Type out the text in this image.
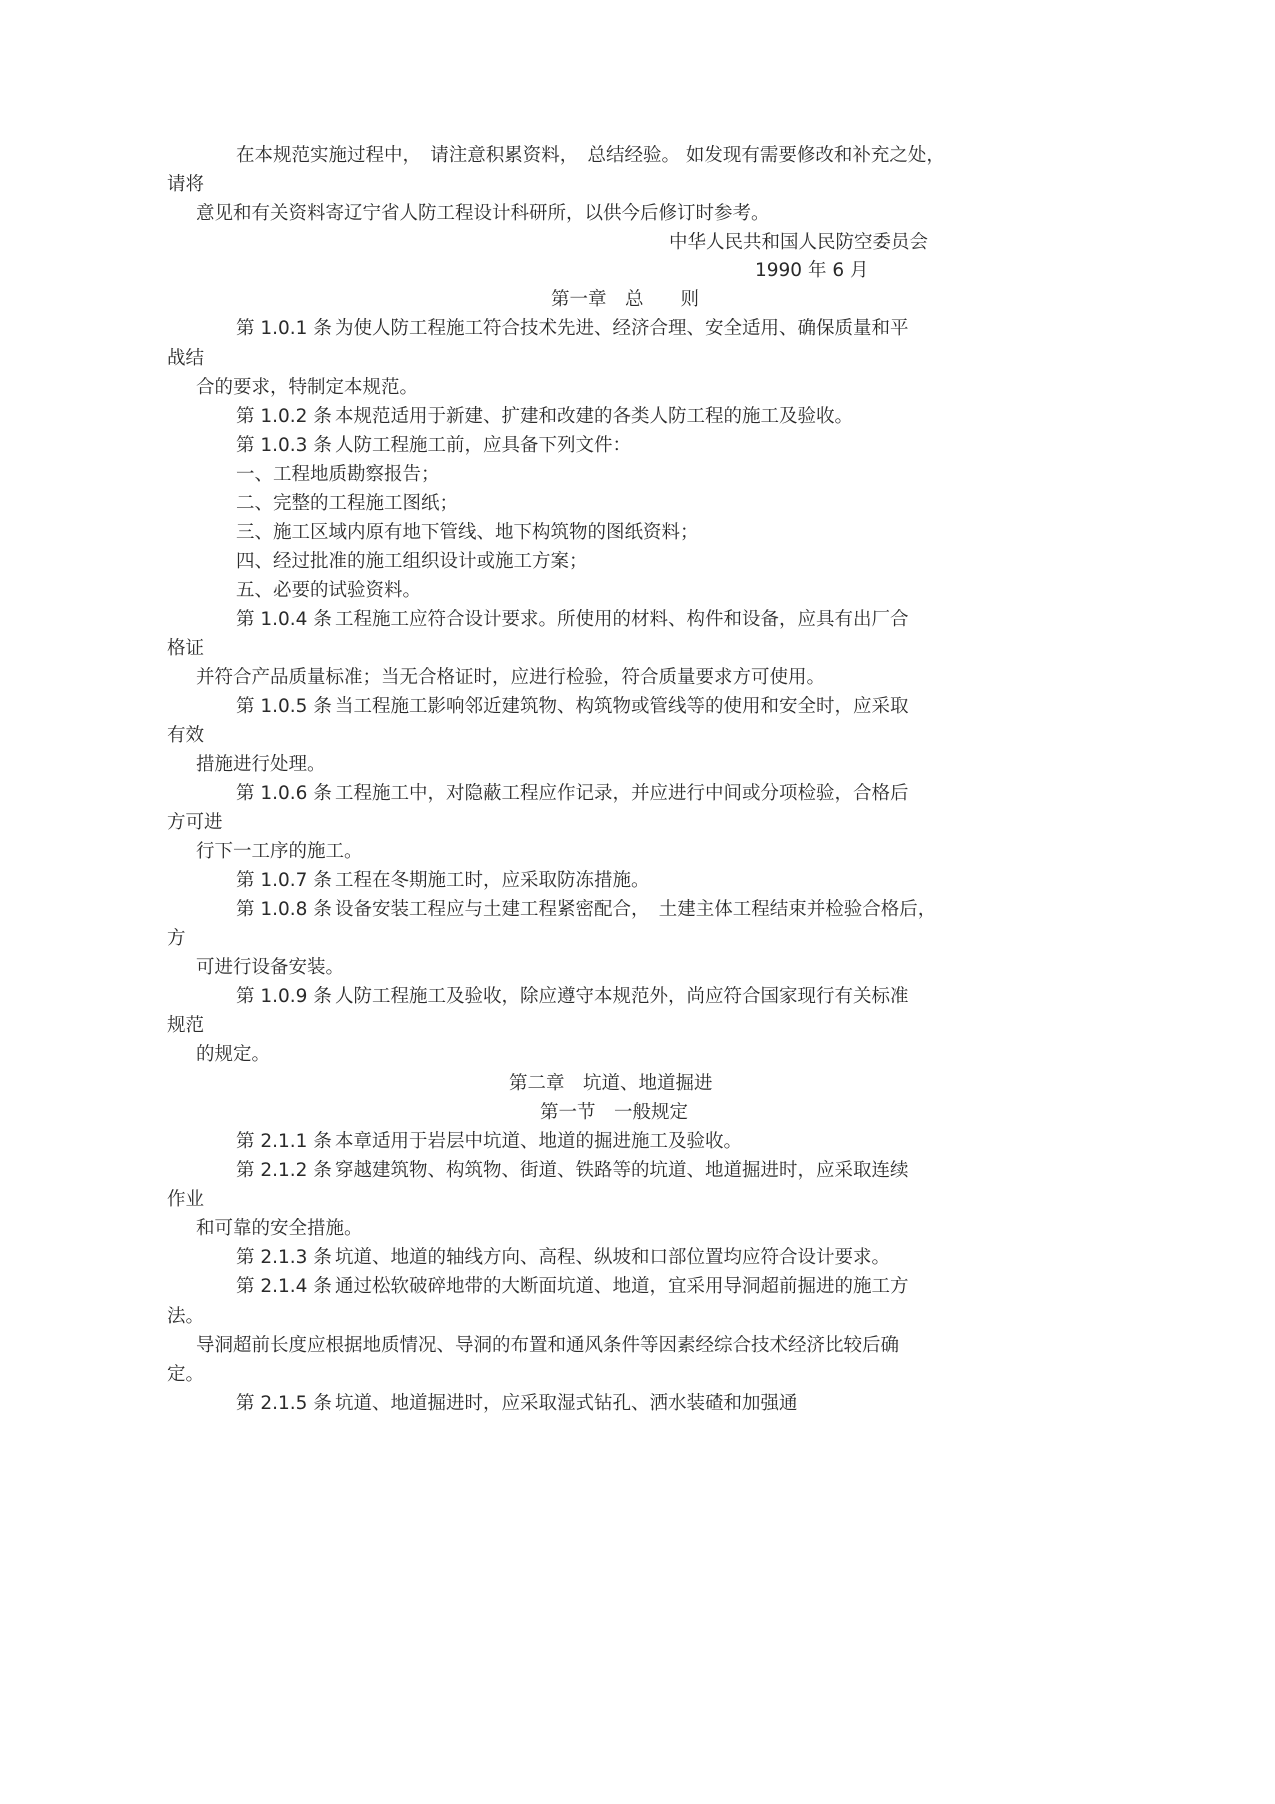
在本规范实施过程中，　请注意积累资料，　总结经验。 如发现有需要修改和补充之处，
请将
意见和有关资料寄辽宁省人防工程设计科研所，以供今后修订时参考。
中华人民共和国人民防空委员会
1990 年 6 月
第一章　总　　则
第 1.0.1 条 为使人防工程施工符合技术先进、经济合理、安全适用、确保质量和平
战结
合的要求，特制定本规范。
第 1.0.2 条 本规范适用于新建、扩建和改建的各类人防工程的施工及验收。
第 1.0.3 条 人防工程施工前，应具备下列文件：
一、工程地质勘察报告；
二、完整的工程施工图纸；
三、施工区域内原有地下管线、地下构筑物的图纸资料；
四、经过批准的施工组织设计或施工方案；
五、必要的试验资料。
第 1.0.4 条 工程施工应符合设计要求。所使用的材料、构件和设备，应具有出厂合
格证
并符合产品质量标准；当无合格证时，应进行检验，符合质量要求方可使用。
第 1.0.5 条 当工程施工影响邻近建筑物、构筑物或管线等的使用和安全时，应采取
有效
措施进行处理。
第 1.0.6 条 工程施工中，对隐蔽工程应作记录，并应进行中间或分项检验，合格后
方可进
行下一工序的施工。
第 1.0.7 条 工程在冬期施工时，应采取防冻措施。
第 1.0.8 条 设备安装工程应与土建工程紧密配合，　土建主体工程结束并检验合格后，
方
可进行设备安装。
第 1.0.9 条 人防工程施工及验收，除应遵守本规范外，尚应符合国家现行有关标准
规范
的规定。
第二章　坑道、地道掘进
第一节　一般规定
第 2.1.1 条 本章适用于岩层中坑道、地道的掘进施工及验收。
第 2.1.2 条 穿越建筑物、构筑物、街道、铁路等的坑道、地道掘进时，应采取连续
作业
和可靠的安全措施。
第 2.1.3 条 坑道、地道的轴线方向、高程、纵坡和口部位置均应符合设计要求。
第 2.1.4 条 通过松软破碎地带的大断面坑道、地道，宜采用导洞超前掘进的施工方
法。
导洞超前长度应根据地质情况、导洞的布置和通风条件等因素经综合技术经济比较后确
定。
第 2.1.5 条 坑道、地道掘进时，应采取湿式钻孔、洒水装碴和加强通
